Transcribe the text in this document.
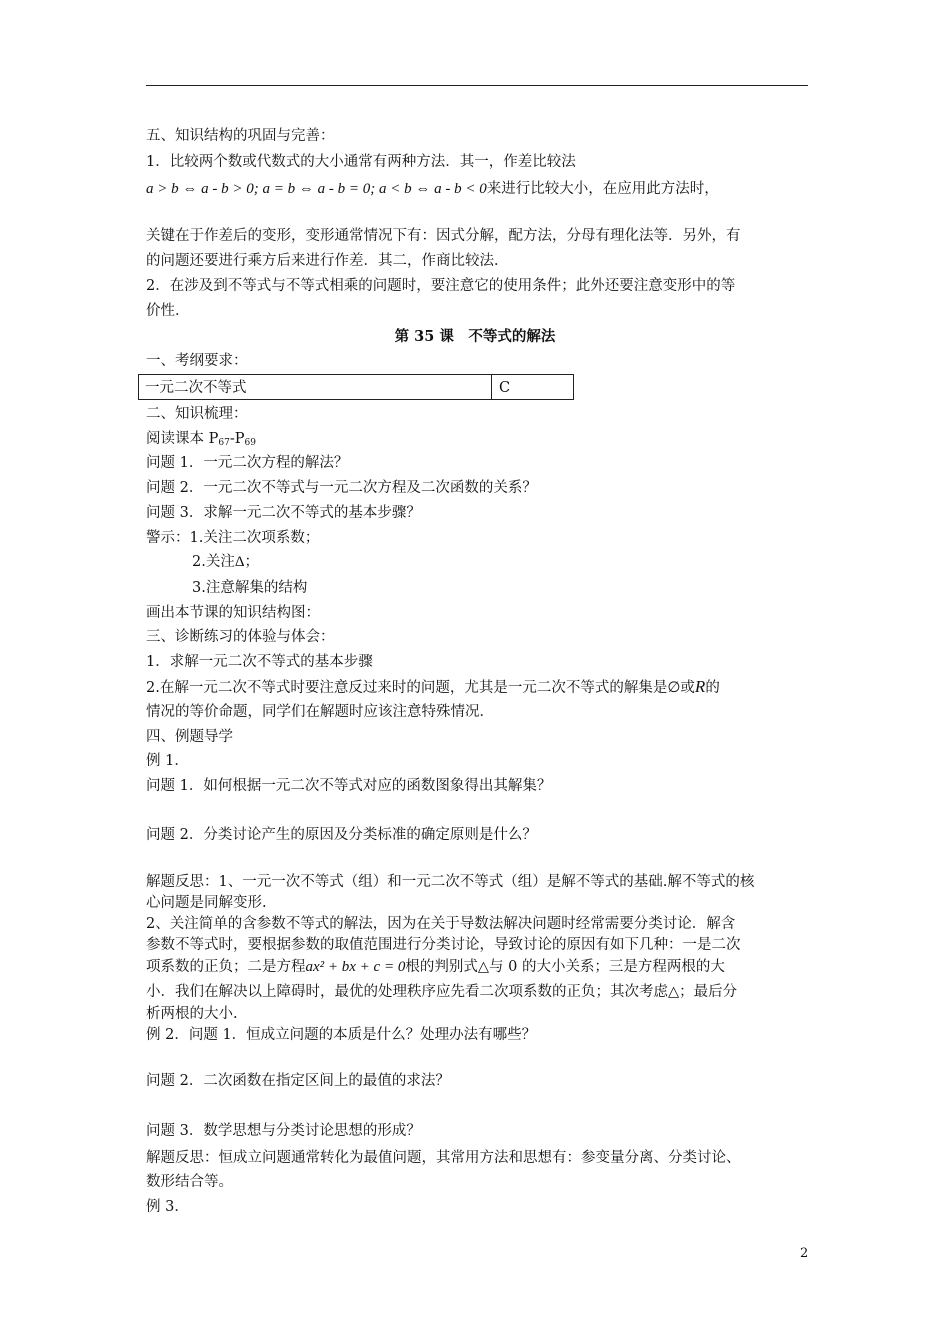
五、知识结构的巩固与完善：
1．比较两个数或代数式的大小通常有两种方法．其一，作差比较法
a > b ⇔ a - b > 0; a = b ⇔ a - b = 0; a < b ⇔ a - b < 0来进行比较大小，在应用此方法时，
关键在于作差后的变形，变形通常情况下有：因式分解，配方法，分母有理化法等．另外，有
的问题还要进行乘方后来进行作差．其二，作商比较法．
2．在涉及到不等式与不等式相乘的问题时，要注意它的使用条件；此外还要注意变形中的等
价性．
第 35 课　不等式的解法
一、考纲要求：
一元二次不等式	C
二、知识梳理：
阅读课本 $P_{67}-P_{69}$
问题 1．一元二次方程的解法？
问题 2．一元二次不等式与一元二次方程及二次函数的关系？
问题 3．求解一元二次不等式的基本步骤？
警示：1.关注二次项系数；
2.关注Δ；
3.注意解集的结构
画出本节课的知识结构图：
三、诊断练习的体验与体会：
1．求解一元二次不等式的基本步骤
2.在解一元二次不等式时要注意反过来时的问题，尤其是一元二次不等式的解集是∅或R的
情况的等价命题，同学们在解题时应该注意特殊情况．
四、例题导学
例 1．
问题 1．如何根据一元二次不等式对应的函数图象得出其解集？
问题 2．分类讨论产生的原因及分类标准的确定原则是什么？
解题反思：1、一元一次不等式（组）和一元二次不等式（组）是解不等式的基础.解不等式的核
心问题是同解变形.
2、关注简单的含参数不等式的解法，因为在关于导数法解决问题时经常需要分类讨论．解含
参数不等式时，要根据参数的取值范围进行分类讨论，导致讨论的原因有如下几种：一是二次
项系数的正负；二是方程ax² + bx + c = 0根的判别式△与 0 的大小关系；三是方程两根的大
小．我们在解决以上障碍时，最优的处理秩序应先看二次项系数的正负；其次考虑△；最后分
析两根的大小.
例 2．问题 1．恒成立问题的本质是什么？处理办法有哪些？
问题 2．二次函数在指定区间上的最值的求法？
问题 3．数学思想与分类讨论思想的形成？
解题反思：恒成立问题通常转化为最值问题，其常用方法和思想有：参变量分离、分类讨论、
数形结合等。
例 3．
2
